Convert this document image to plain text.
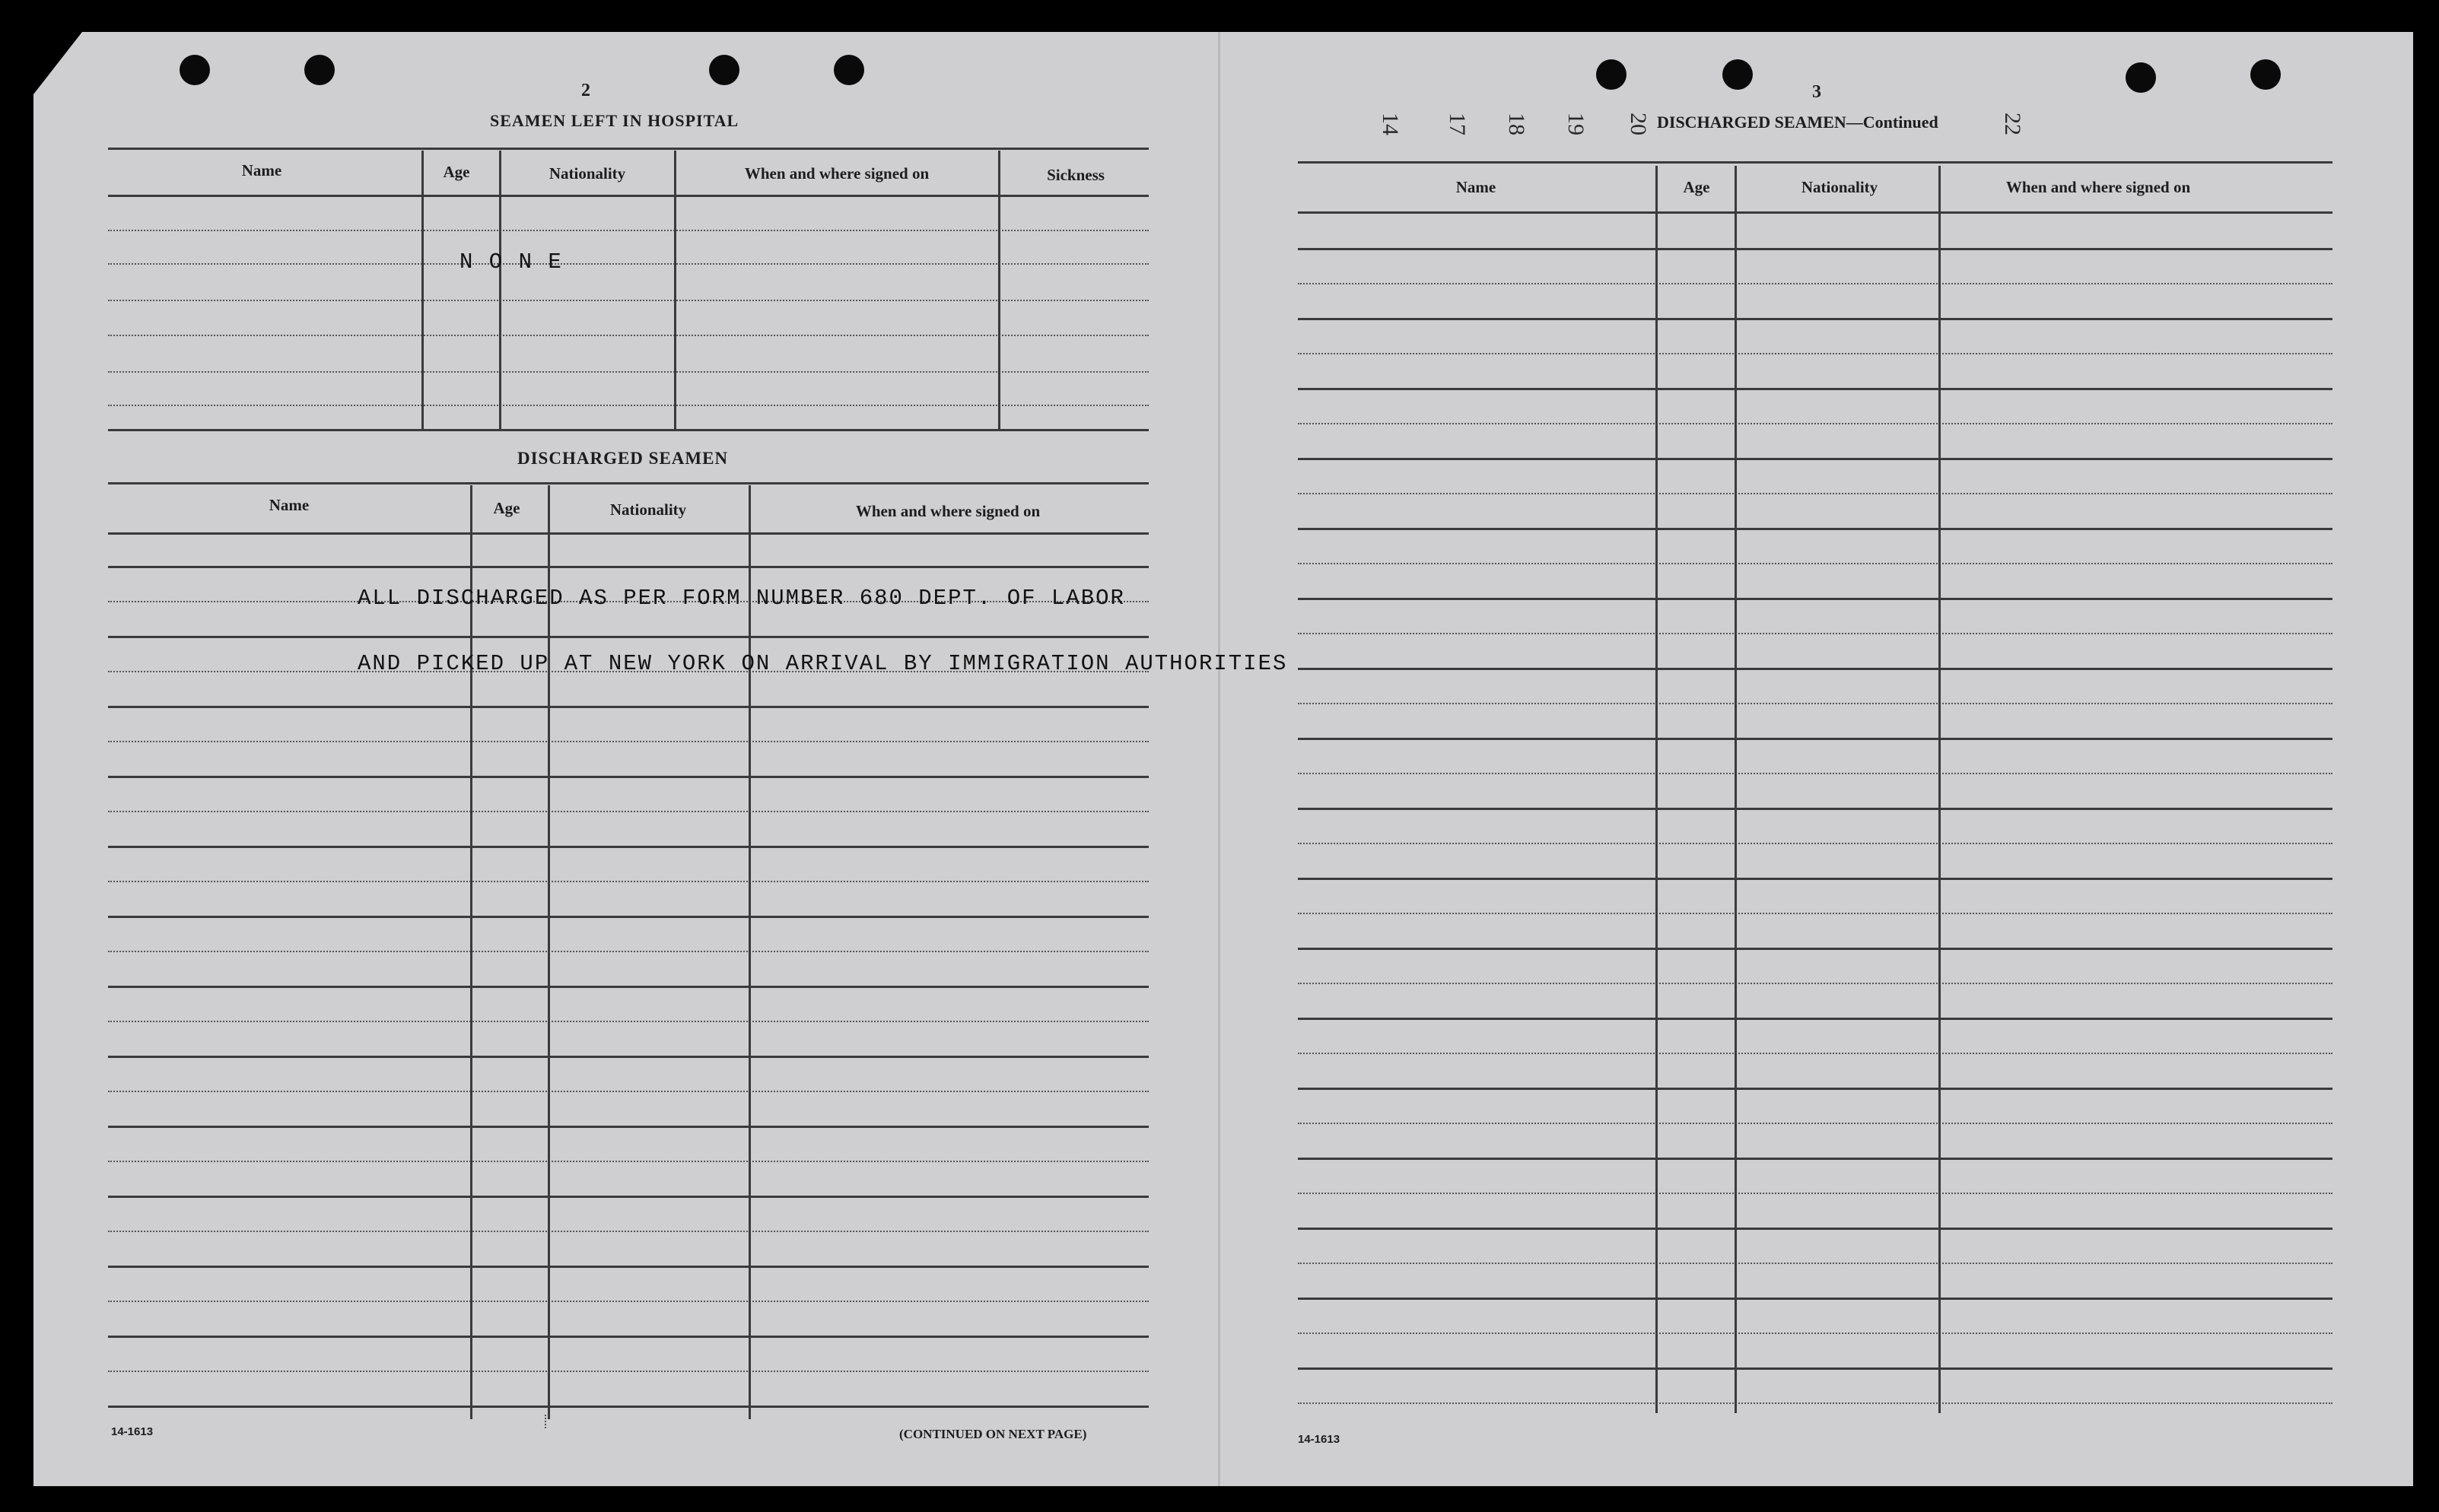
2
SEAMEN LEFT IN HOSPITAL
Name	Age	Nationality	When and where signed on	Sickness
N O N E
DISCHARGED SEAMEN
Name	Age	Nationality	When and where signed on
ALL DISCHARGED AS PER FORM NUMBER 680 DEPT. OF LABOR
AND PICKED UP AT NEW YORK ON ARRIVAL BY IMMIGRATION AUTHORITIES
14-1613	(CONTINUED ON NEXT PAGE)
3
DISCHARGED SEAMEN—Continued
14 17 18 19 20	22
Name	Age	Nationality	When and where signed on
14-1613
